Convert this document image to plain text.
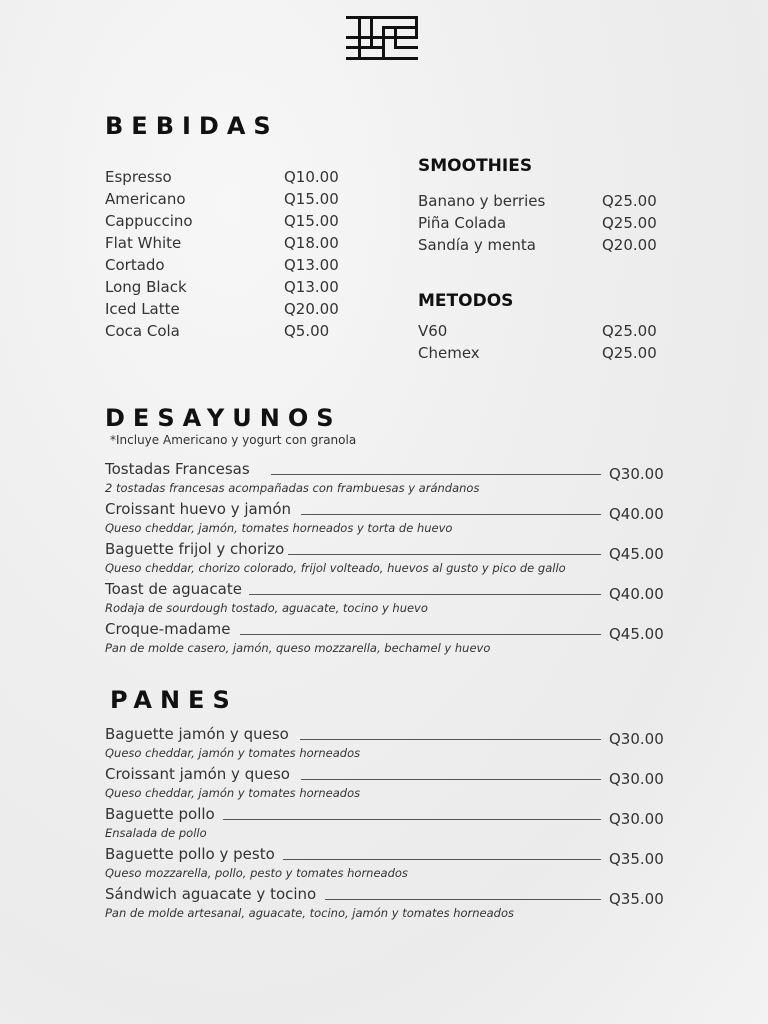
BEBIDAS
Espresso	Q10.00
Americano	Q15.00
Cappuccino	Q15.00
Flat White	Q18.00
Cortado	Q13.00
Long Black	Q13.00
Iced Latte	Q20.00
Coca Cola	Q5.00
SMOOTHIES
Banano y berries	Q25.00
Piña Colada	Q25.00
Sandía y menta	Q20.00
METODOS
V60	Q25.00
Chemex	Q25.00
DESAYUNOS
*Incluye Americano y yogurt con granola
Tostadas Francesas	Q30.00
2 tostadas francesas acompañadas con frambuesas y arándanos
Croissant huevo y jamón	Q40.00
Queso cheddar, jamón, tomates horneados y torta de huevo
Baguette frijol y chorizo	Q45.00
Queso cheddar, chorizo colorado, frijol volteado, huevos al gusto y pico de gallo
Toast de aguacate	Q40.00
Rodaja de sourdough tostado, aguacate, tocino y huevo
Croque-madame	Q45.00
Pan de molde casero, jamón, queso mozzarella, bechamel y huevo
PANES
Baguette jamón y queso	Q30.00
Queso cheddar, jamón y tomates horneados
Croissant jamón y queso	Q30.00
Queso cheddar, jamón y tomates horneados
Baguette pollo	Q30.00
Ensalada de pollo
Baguette pollo y pesto	Q35.00
Queso mozzarella, pollo, pesto y tomates horneados
Sándwich aguacate y tocino	Q35.00
Pan de molde artesanal, aguacate, tocino, jamón y tomates horneados
